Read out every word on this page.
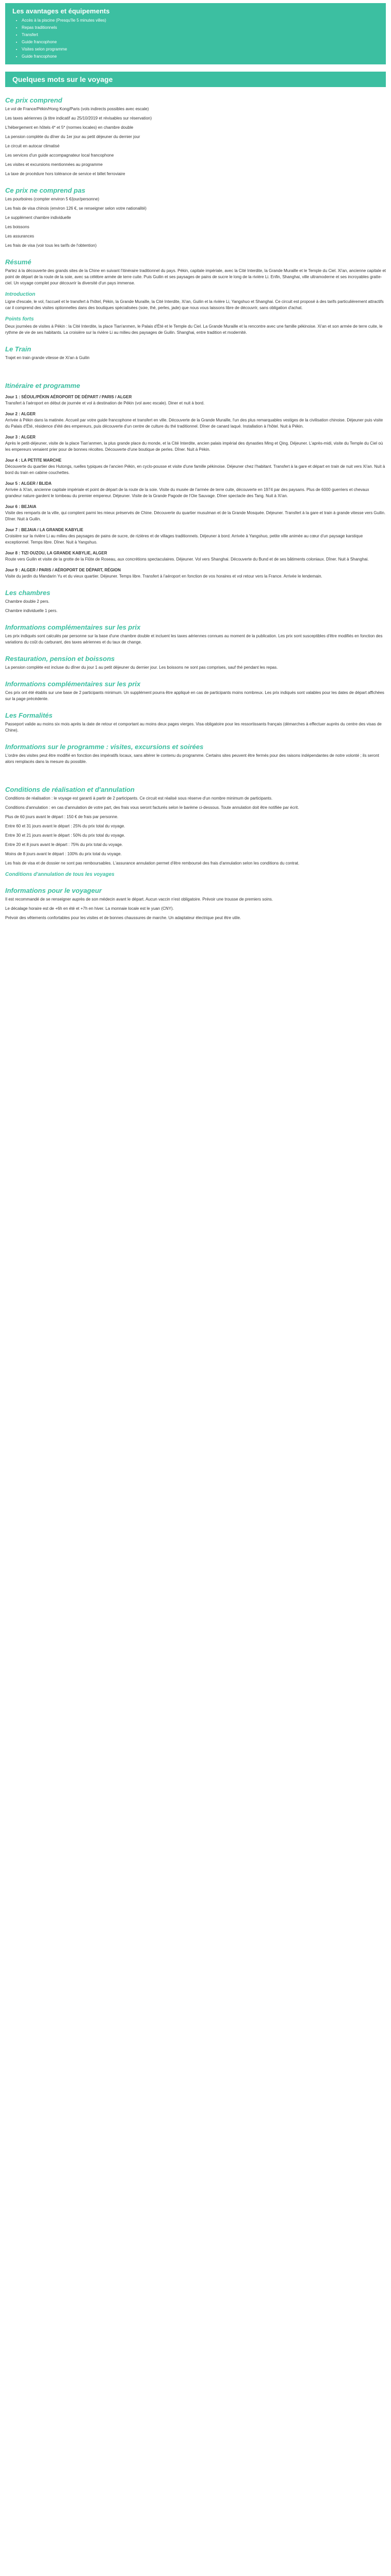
Les avantages et équipements
• Accès à la piscine (Presqu'île 5 minutes villes)
• Repas traditionnels
• Transfert
• Guide francophone
• Visites selon programme
• Guide francophone
Quelques mots sur le voyage
Ce prix comprend

Le vol de France/Pékin/Hong Kong/Paris (vols indirects possibles avec escale)

Les taxes aériennes (à titre indicatif au 25/10/2019 et révisables sur réservation)

L'hébergement en hôtels 4* et 5* (normes locales) en chambre double

La pension complète du dîner du 1er jour au petit déjeuner du dernier jour

Le circuit en autocar climatisé

Les services d'un guide accompagnateur local francophone

Les visites et excursions mentionnées au programme

La taxe de procédure hors tolérance de service et billet ferroviaire

Ce prix ne comprend pas

Les pourboires (compter environ 5 €/jour/personne)

Les frais de visa chinois (environ 126 €, se renseigner selon votre nationalité)

Le supplément chambre individuelle

Les boissons

Les assurances

Les frais de visa (voir tous les tarifs de l'obtention)

Résumé

Partez à la découverte des grands sites de la Chine en suivant l'itinéraire traditionnel du pays. Pékin, capitale impériale, avec la Cité Interdite, la Grande Muraille et le Temple du Ciel. Xi'an, ancienne capitale et point de départ de la route de la soie, avec sa célèbre armée de terre cuite. Puis Guilin et ses paysages de pains de sucre le long de la rivière Li. Enfin, Shanghai, ville ultramoderne et ses incroyables gratte-ciel. Un voyage complet pour découvrir la diversité d'un pays immense.

Introduction

Ligne d'escale, le vol, l'accueil et le transfert à l'hôtel, Pékin, la Grande Muraille, la Cité Interdite, Xi'an, Guilin et la rivière Li, Yangshuo et Shanghai. Ce circuit est proposé à des tarifs particulièrement attractifs car il comprend des visites optionnelles dans des boutiques spécialisées (soie, thé, perles, jade) que nous vous laissons libre de découvrir, sans obligation d'achat.

Points forts

Deux journées de visites à Pékin : la Cité Interdite, la place Tian'anmen, le Palais d'Été et le Temple du Ciel. La Grande Muraille et la rencontre avec une famille pékinoise. Xi'an et son armée de terre cuite, le rythme de vie de ses habitants. La croisière sur la rivière Li au milieu des paysages de Guilin. Shanghai, entre tradition et modernité.

Le Train

Trajet en train grande vitesse de Xi'an à Guilin

Itinéraire et programme
Jour 1 : SÉOUL/PÉKIN AÉROPORT DE DÉPART / PARIS / ALGER

Transfert à l'aéroport en début de journée et vol à destination de Pékin (vol avec escale). Diner et nuit à bord.

Jour 2 : ALGER

Arrivée à Pékin dans la matinée. Accueil par votre guide francophone et transfert en ville. Découverte de la Grande Muraille, l'un des plus remarquables vestiges de la civilisation chinoise. Déjeuner puis visite du Palais d'Été, résidence d'été des empereurs, puis découverte d'un centre de culture du thé traditionnel. Dîner de canard laqué. Installation à l'hôtel. Nuit à Pékin.

Jour 3 : ALGER

Après le petit-déjeuner, visite de la place Tian'anmen, la plus grande place du monde, et la Cité Interdite, ancien palais impérial des dynasties Ming et Qing. Déjeuner. L'après-midi, visite du Temple du Ciel où les empereurs venaient prier pour de bonnes récoltes. Découverte d'une boutique de perles. Dîner. Nuit à Pékin.

Jour 4 : LA PETITE MARCHE

Découverte du quartier des Hutongs, ruelles typiques de l'ancien Pékin, en cyclo-pousse et visite d'une famille pékinoise. Déjeuner chez l'habitant. Transfert à la gare et départ en train de nuit vers Xi'an. Nuit à bord du train en cabine couchettes.

Jour 5 : ALGER / BLIDA

Arrivée à Xi'an, ancienne capitale impériale et point de départ de la route de la soie. Visite du musée de l'armée de terre cuite, découverte en 1974 par des paysans. Plus de 6000 guerriers et chevaux grandeur nature gardent le tombeau du premier empereur. Déjeuner. Visite de la Grande Pagode de l'Oie Sauvage. Dîner spectacle des Tang. Nuit à Xi'an.

Jour 6 : BEJAIA

Visite des remparts de la ville, qui comptent parmi les mieux préservés de Chine. Découverte du quartier musulman et de la Grande Mosquée. Déjeuner. Transfert à la gare et train à grande vitesse vers Guilin. Dîner. Nuit à Guilin.

Jour 7 : BEJAIA / LA GRANDE KABYLIE

Croisière sur la rivière Li au milieu des paysages de pains de sucre, de rizières et de villages traditionnels. Déjeuner à bord. Arrivée à Yangshuo, petite ville animée au cœur d'un paysage karstique exceptionnel. Temps libre. Dîner. Nuit à Yangshuo.

Jour 8 : TIZI OUZOU, LA GRANDE KABYLIE, ALGER

Route vers Guilin et visite de la grotte de la Flûte de Roseau, aux concrétions spectaculaires. Déjeuner. Vol vers Shanghai. Découverte du Bund et de ses bâtiments coloniaux. Dîner. Nuit à Shanghai.

Jour 9 : ALGER / PARIS / AÉROPORT DE DÉPART, RÉGION

Visite du jardin du Mandarin Yu et du vieux quartier. Déjeuner. Temps libre. Transfert à l'aéroport en fonction de vos horaires et vol retour vers la France. Arrivée le lendemain.

Les chambres

Chambre double 2 pers.

Chambre individuelle 1 pers.

Informations complémentaires sur les prix

Les prix indiqués sont calculés par personne sur la base d'une chambre double et incluent les taxes aériennes connues au moment de la publication. Les prix sont susceptibles d'être modifiés en fonction des variations du coût du carburant, des taxes aériennes et du taux de change.

Restauration, pension et boissons

La pension complète est incluse du dîner du jour 1 au petit déjeuner du dernier jour. Les boissons ne sont pas comprises, sauf thé pendant les repas.

Informations complémentaires sur les prix

Ces prix ont été établis sur une base de 2 participants minimum. Un supplément pourra être appliqué en cas de participants moins nombreux. Les prix indiqués sont valables pour les dates de départ affichées sur la page précédente.

Les Formalités

Passeport valide au moins six mois après la date de retour et comportant au moins deux pages vierges. Visa obligatoire pour les ressortissants français (démarches à effectuer auprès du centre des visas de Chine).

Informations sur le programme : visites, excursions et soirées

L'ordre des visites peut être modifié en fonction des impératifs locaux, sans altérer le contenu du programme. Certains sites peuvent être fermés pour des raisons indépendantes de notre volonté ; ils seront alors remplacés dans la mesure du possible.

Conditions de réalisation et d'annulation

Conditions de réalisation : le voyage est garanti à partir de 2 participants. Ce circuit est réalisé sous réserve d'un nombre minimum de participants.

Conditions d'annulation : en cas d'annulation de votre part, des frais vous seront facturés selon le barème ci-dessous. Toute annulation doit être notifiée par écrit.

Plus de 60 jours avant le départ : 150 € de frais par personne.

Entre 60 et 31 jours avant le départ : 25% du prix total du voyage.

Entre 30 et 21 jours avant le départ : 50% du prix total du voyage.

Entre 20 et 8 jours avant le départ : 75% du prix total du voyage.

Moins de 8 jours avant le départ : 100% du prix total du voyage.

Les frais de visa et de dossier ne sont pas remboursables. L'assurance annulation permet d'être remboursé des frais d'annulation selon les conditions du contrat.

Conditions d'annulation de tous les voyages
Informations pour le voyageur

Il est recommandé de se renseigner auprès de son médecin avant le départ. Aucun vaccin n'est obligatoire. Prévoir une trousse de premiers soins.

Le décalage horaire est de +6h en été et +7h en hiver. La monnaie locale est le yuan (CNY).

Prévoir des vêtements confortables pour les visites et de bonnes chaussures de marche. Un adaptateur électrique peut être utile.
